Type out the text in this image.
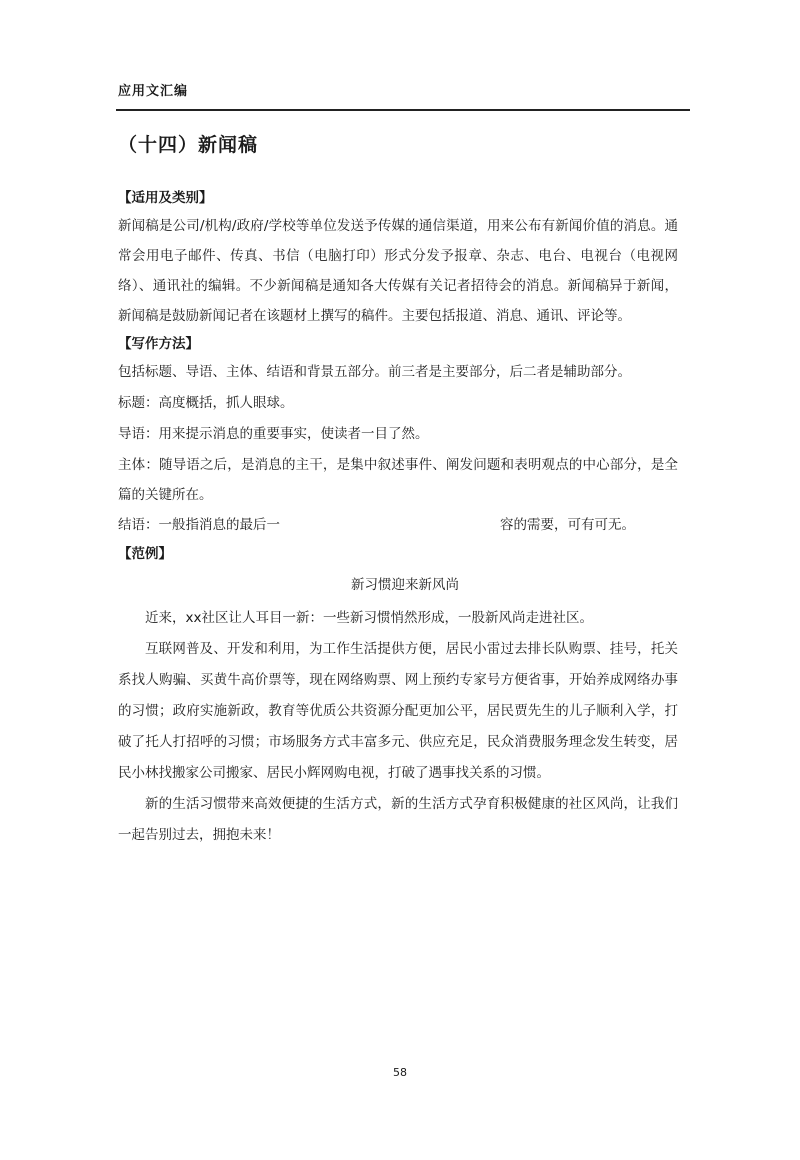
应用文汇编
（十四）新闻稿
【适用及类别】
新闻稿是公司/机构/政府/学校等单位发送予传媒的通信渠道，用来公布有新闻价值的消息。通常会用电子邮件、传真、书信（电脑打印）形式分发予报章、杂志、电台、电视台（电视网络）、通讯社的编辑。不少新闻稿是通知各大传媒有关记者招待会的消息。新闻稿异于新闻，新闻稿是鼓励新闻记者在该题材上撰写的稿件。主要包括报道、消息、通讯、评论等。
【写作方法】
包括标题、导语、主体、结语和背景五部分。前三者是主要部分，后二者是辅助部分。
标题：高度概括，抓人眼球。
导语：用来提示消息的重要事实，使读者一目了然。
主体：随导语之后，是消息的主干，是集中叙述事件、阐发问题和表明观点的中心部分，是全篇的关键所在。
结语：一般指消息的最后一	容的需要，可有可无。
【范例】
新习惯迎来新风尚
近来，xx社区让人耳目一新：一些新习惯悄然形成，一股新风尚走进社区。
互联网普及、开发和利用，为工作生活提供方便，居民小雷过去排长队购票、挂号，托关系找人购骗、买黄牛高价票等，现在网络购票、网上预约专家号方便省事，开始养成网络办事的习惯；政府实施新政，教育等优质公共资源分配更加公平，居民贾先生的儿子顺利入学，打破了托人打招呼的习惯；市场服务方式丰富多元、供应充足，民众消费服务理念发生转变，居民小林找搬家公司搬家、居民小辉网购电视，打破了遇事找关系的习惯。
新的生活习惯带来高效便捷的生活方式，新的生活方式孕育积极健康的社区风尚，让我们一起告别过去，拥抱未来！
58
